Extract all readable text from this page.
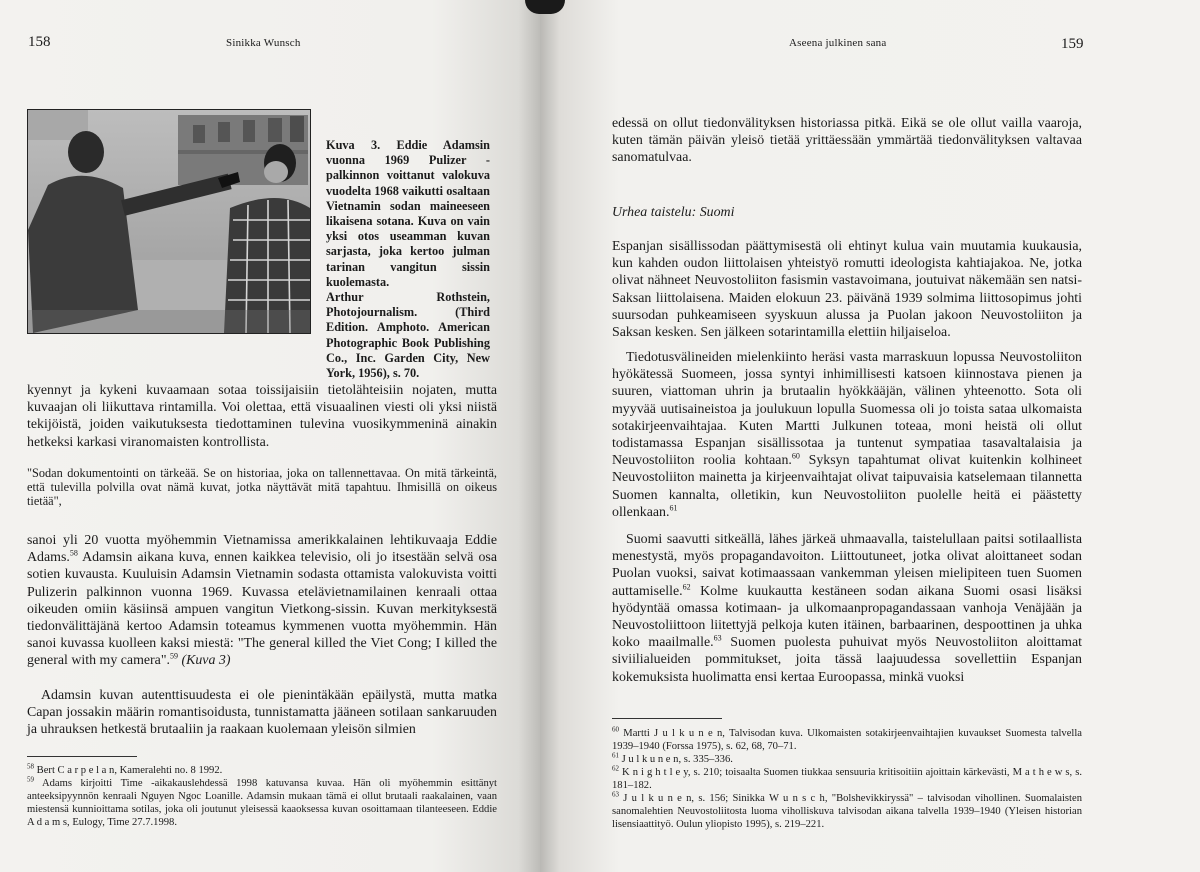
158	Sinikka Wunsch

Kuva 3. Eddie Adamsin vuonna 1969 Pulizer -palkinnon voittanut valokuva vuodelta 1968 vaikutti osaltaan Vietnamin sodan maineeseen likaisena sotana. Kuva on vain yksi otos useamman kuvan sarjasta, joka kertoo julman tarinan vangitun sissin kuolemasta.

Arthur Rothstein, Photojournalism. (Third Edition. Amphoto. American Photographic Book Publishing Co., Inc. Garden City, New York, 1956), s. 70.

kyennyt ja kykeni kuvaamaan sotaa toissijaisiin tietolähteisiin nojaten, mutta kuvaajan oli liikuttava rintamilla. Voi olettaa, että visuaalinen viesti oli yksi niistä tekijöistä, joiden vaikutuksesta tiedottaminen tulevina vuosikymmeninä ainakin hetkeksi karkasi viranomaisten kontrollista.

"Sodan dokumentointi on tärkeää. Se on historiaa, joka on tallennettavaa. On mitä tärkeintä, että tulevilla polvilla ovat nämä kuvat, jotka näyttävät mitä tapahtuu. Ihmisillä on oikeus tietää",

sanoi yli 20 vuotta myöhemmin Vietnamissa amerikkalainen lehtikuvaaja Eddie Adams.$^{58}$ Adamsin aikana kuva, ennen kaikkea televisio, oli jo itsestään selvä osa sotien kuvausta. Kuuluisin Adamsin Vietnamin sodasta ottamista valokuvista voitti Pulizerin palkinnon vuonna 1969. Kuvassa etelävietnamilainen kenraali ottaa oikeuden omiin käsiinsä ampuen vangitun Vietkong-sissin. Kuvan merkityksestä tiedonvälittäjänä kertoo Adamsin toteamus kymmenen vuotta myöhemmin. Hän sanoi kuvassa kuolleen kaksi miestä: "The general killed the Viet Cong; I killed the general with my camera".$^{59}$ (Kuva 3)

Adamsin kuvan autenttisuudesta ei ole pienintäkään epäilystä, mutta matka Capan jossakin määrin romantisoidusta, tunnistamatta jääneen sotilaan sankaruuden ja uhrauksen hetkestä brutaaliin ja raakaan kuolemaan yleisön silmien

$^{58}$ Bert C a r p e l a n, Kameralehti no. 8 1992.

$^{59}$ Adams kirjoitti Time -aikakauslehdessä 1998 katuvansa kuvaa. Hän oli myöhemmin esittänyt anteeksipyynnön kenraali Nguyen Ngoc Loanille. Adamsin mukaan tämä ei ollut brutaali raakalainen, vaan miestensä kunnioittama sotilas, joka oli joutunut yleisessä kaaoksessa kuvan osoittamaan tilanteeseen. Eddie A d a m s, Eulogy, Time 27.7.1998.

Aseena julkinen sana	159

edessä on ollut tiedonvälityksen historiassa pitkä. Eikä se ole ollut vailla vaaroja, kuten tämän päivän yleisö tietää yrittäessään ymmärtää tiedonvälityksen valtavaa sanomatulvaa.

Urhea taistelu: Suomi

Espanjan sisällissodan päättymisestä oli ehtinyt kulua vain muutamia kuukausia, kun kahden oudon liittolaisen yhteistyö romutti ideologista kahtiajakoa. Ne, jotka olivat nähneet Neuvostoliiton fasismin vastavoimana, joutuivat näkemään sen natsi-Saksan liittolaisena. Maiden elokuun 23. päivänä 1939 solmima liittosopimus johti suursodan puhkeamiseen syyskuun alussa ja Puolan jakoon Neuvostoliiton ja Saksan kesken. Sen jälkeen sotarintamilla elettiin hiljaiseloa.

Tiedotusvälineiden mielenkiinto heräsi vasta marraskuun lopussa Neuvostoliiton hyökätessä Suomeen, jossa syntyi inhimillisesti katsoen kiinnostava pienen ja suuren, viattoman uhrin ja brutaalin hyökkääjän, välinen yhteenotto. Sota oli myyvää uutisaineistoa ja joulukuun lopulla Suomessa oli jo toista sataa ulkomaista sotakirjeenvaihtajaa. Kuten Martti Julkunen toteaa, moni heistä oli ollut todistamassa Espanjan sisällissotaa ja tuntenut sympatiaa tasavaltalaisia ja Neuvostoliiton roolia kohtaan.$^{60}$ Syksyn tapahtumat olivat kuitenkin kolhineet Neuvostoliiton mainetta ja kirjeenvaihtajat olivat taipuvaisia katselemaan tilannetta Suomen kannalta, olletikin, kun Neuvostoliiton puolelle heitä ei päästetty ollenkaan.$^{61}$

Suomi saavutti sitkeällä, lähes järkeä uhmaavalla, taistelullaan paitsi sotilaallista menestystä, myös propagandavoiton. Liittoutuneet, jotka olivat aloittaneet sodan Puolan vuoksi, saivat kotimaassaan vankemman yleisen mielipiteen tuen Suomen auttamiselle.$^{62}$ Kolme kuukautta kestäneen sodan aikana Suomi osasi lisäksi hyödyntää omassa kotimaan- ja ulkomaanpropagandassaan vanhoja Venäjään ja Neuvostoliittoon liitettyjä pelkoja kuten itäinen, barbaarinen, despoottinen ja uhka koko maailmalle.$^{63}$ Suomen puolesta puhuivat myös Neuvostoliiton aloittamat siviilialueiden pommitukset, joita tässä laajuudessa sovellettiin Espanjan kokemuksista huolimatta ensi kertaa Euroopassa, minkä vuoksi

$^{60}$ Martti J u l k u n e n, Talvisodan kuva. Ulkomaisten sotakirjeenvaihtajien kuvaukset Suomesta talvella 1939–1940 (Forssa 1975), s. 62, 68, 70–71.

$^{61}$ J u l k u n e n, s. 335–336.

$^{62}$ K n i g h t l e y, s. 210; toisaalta Suomen tiukkaa sensuuria kritisoitiin ajoittain kärkevästi, M a t h e w s, s. 181–182.

$^{63}$ J u l k u n e n, s. 156; Sinikka W u n s c h, "Bolshevikkiryssä" – talvisodan vihollinen. Suomalaisten sanomalehtien Neuvostoliitosta luoma viholliskuva talvisodan aikana talvella 1939–1940 (Yleisen historian lisensiaattityö. Oulun yliopisto 1995), s. 219–221.
